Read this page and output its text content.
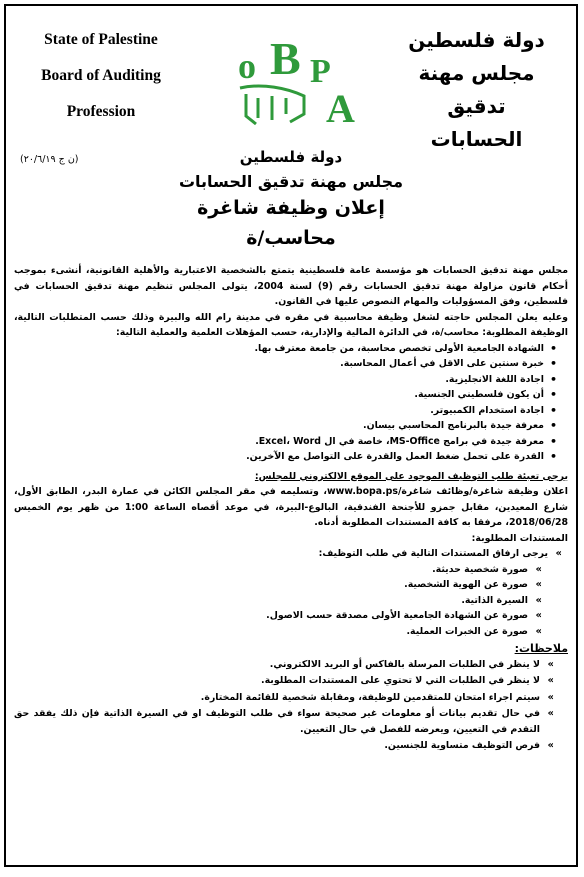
State of Palestine
Board of Auditing
Profession
o B P
A
دولة فلسطين
مجلس مهنة تدقيق
الحسابات
(ن ج ٢٠/٦/١٩)	دولة فلسطين
مجلس مهنة تدقيق الحسابات
إعلان وظيفة شاغرة
محاسب/ة

مجلس مهنة تدقيق الحسابات هو مؤسسة عامة فلسطينية يتمتع بالشخصية الاعتبارية والأهلية القانونية، أنشىء بموجب أحكام قانون مزاولة مهنة تدقيق الحسابات رقم (9) لسنة 2004، يتولى المجلس تنظيم مهنة تدقيق الحسابات في فلسطين، وفق المسؤوليات والمهام النصوص عليها في القانون.

وعليه يعلن المجلس حاجته لشغل وظيفة محاسبية في مقره في مدينة رام الله والبيرة وذلك حسب المتطلبات التالية، الوظيفة المطلوبة: محاسب/ة، في الدائرة المالية والإدارية، حسب المؤهلات العلمية والعملية التالية:

• الشهادة الجامعية الأولى تخصص محاسبة، من جامعة معترف بها.
• خبرة سنتين على الاقل في أعمال المحاسبة.
• اجادة اللغة الانجليزية.
• أن يكون فلسطيني الجنسية.
• اجادة استخدام الكمبيوتر.
• معرفة جيدة بالبرنامج المحاسبي بيسان.
• معرفة جيدة في برامج MS-Office، خاصة في ال Excel، Word.
• القدرة على تحمل ضغط العمل والقدرة على التواصل مع الآخرين.

يرجى تعبئة طلب التوظيف الموجود على الموقع الالكتروني للمجلس:

اعلان وظيفة شاغرة/وظائف شاغرة/www.bopa.ps، وتسليمه في مقر المجلس الكائن في عمارة البدر، الطابق الأول، شارع المعيدين، مقابل جمزو للأجنحة الفندقية، البالوع-البيرة، في موعد أقصاه الساعة 1:00 من ظهر يوم الخميس 2018/06/28، مرفقا به كافة المستندات المطلوبة أدناه.

المستندات المطلوبة:

» يرجى ارفاق المستندات التالية في طلب التوظيف:
» صورة شخصية حديثة.
» صورة عن الهوية الشخصية.
» السيرة الذاتية.
» صورة عن الشهادة الجامعية الأولى مصدقة حسب الاصول.
» صورة عن الخبرات العملية.
ملاحظات:
» لا ينظر في الطلبات المرسلة بالفاكس أو البريد الالكتروني.
» لا ينظر في الطلبات التي لا تحتوي على المستندات المطلوبة.
» سيتم اجراء امتحان للمتقدمين للوظيفة، ومقابلة شخصية للقائمة المختارة.
» في حال تقديم بيانات أو معلومات غير صحيحة سواء في طلب التوظيف او في السيرة الذاتية فإن ذلك يفقد حق التقدم في التعيين، ويعرضه للفصل في حال التعيين.
» فرص التوظيف متساوية للجنسين.
